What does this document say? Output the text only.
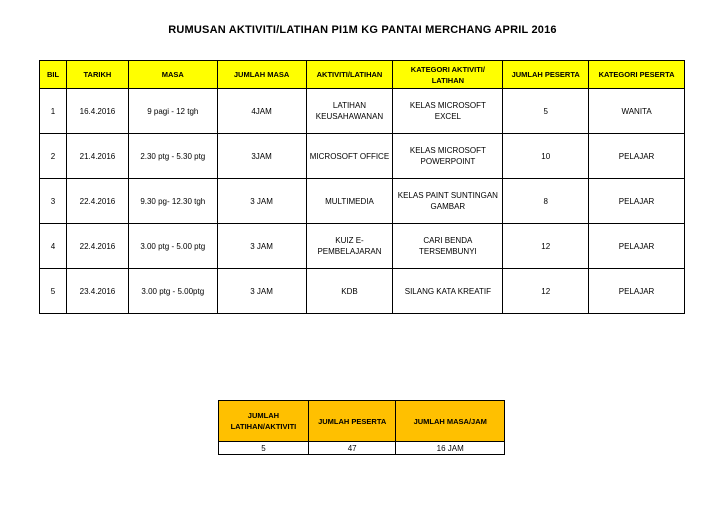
RUMUSAN AKTIVITI/LATIHAN PI1M KG PANTAI MERCHANG APRIL 2016
BIL	TARIKH	MASA	JUMLAH MASA	AKTIVITI/LATIHAN	KATEGORI AKTIVITI/ LATIHAN	JUMLAH PESERTA	KATEGORI PESERTA
1	16.4.2016	9 pagi - 12 tgh	4JAM	LATIHAN KEUSAHAWANAN	KELAS MICROSOFT EXCEL	5	WANITA
2	21.4.2016	2.30 ptg - 5.30 ptg	3JAM	MICROSOFT OFFICE	KELAS MICROSOFT POWERPOINT	10	PELAJAR
3	22.4.2016	9.30 pg- 12.30 tgh	3 JAM	MULTIMEDIA	KELAS PAINT SUNTINGAN GAMBAR	8	PELAJAR
4	22.4.2016	3.00 ptg - 5.00 ptg	3 JAM	KUIZ E-PEMBELAJARAN	CARI BENDA TERSEMBUNYI	12	PELAJAR
5	23.4.2016	3.00 ptg - 5.00ptg	3 JAM	KDB	SILANG KATA KREATIF	12	PELAJAR
JUMLAH LATIHAN/AKTIVITI	JUMLAH PESERTA	JUMLAH MASA/JAM
5	47	16 JAM
